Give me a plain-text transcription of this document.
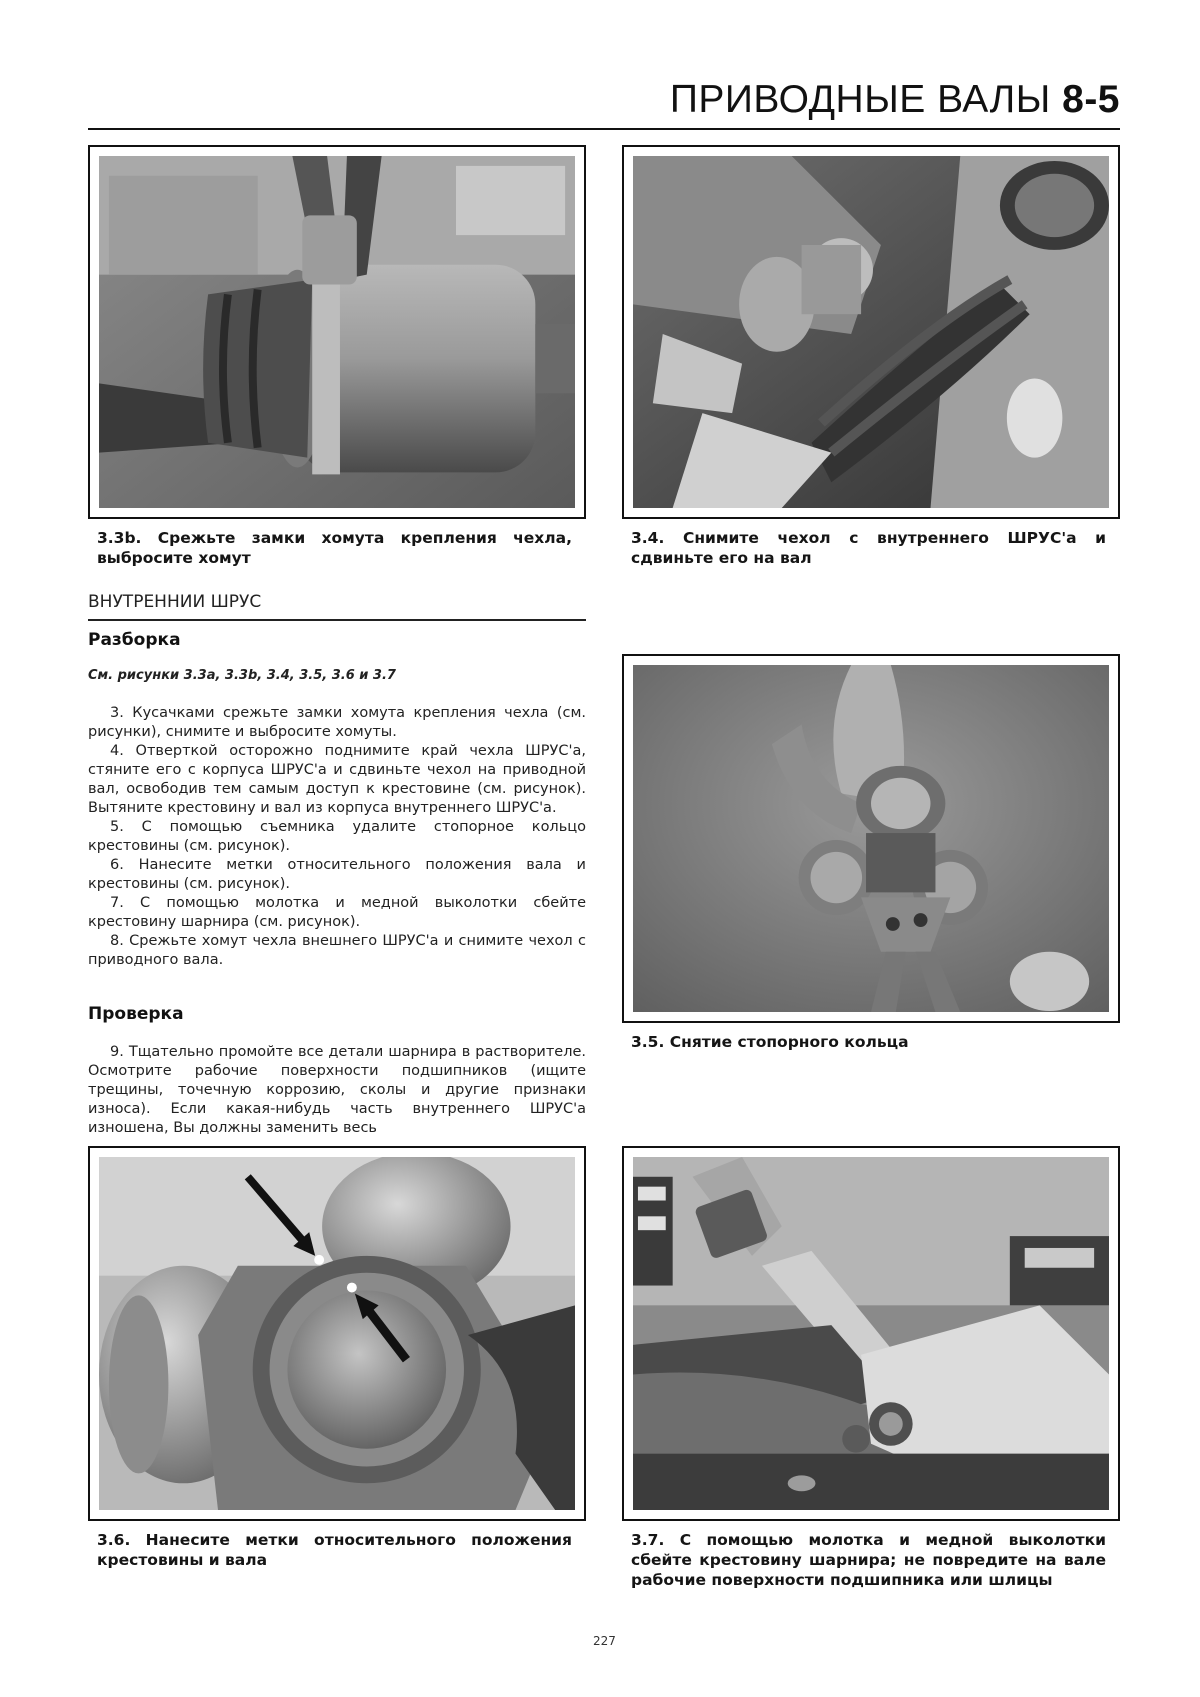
ПРИВОДНЫЕ ВАЛЫ 8-5
3.3b. Срежьте замки хомута крепления чехла, выбросите хомут
3.4. Снимите чехол с внутреннего ШРУС'а и сдвиньте его на вал
ВНУТРЕННИИ ШРУС
Разборка
См. рисунки 3.3a, 3.3b, 3.4, 3.5, 3.6 и 3.7

3. Кусачками срежьте замки хомута крепления чехла (см. рисунки), снимите и выбросите хомуты.

4. Отверткой осторожно поднимите край чехла ШРУС'а, стяните его с корпуса ШРУС'а и сдвиньте чехол на приводной вал, освободив тем самым доступ к крестовине (см. рисунок). Вытяните крестовину и вал из корпуса внутреннего ШРУС'а.

5. С помощью съемника удалите стопорное кольцо крестовины (см. рисунок).

6. Нанесите метки относительного положения вала и крестовины (см. рисунок).

7. С помощью молотка и медной выколотки сбейте крестовину шарнира (см. рисунок).

8. Срежьте хомут чехла внешнего ШРУС'а и снимите чехол с приводного вала.

Проверка

9. Тщательно промойте все детали шарнира в растворителе. Осмотрите рабочие поверхности подшипников (ищите трещины, точечную коррозию, сколы и другие признаки износа). Если какая-нибудь часть внутреннего ШРУС'а изношена, Вы должны заменить весь

3.5. Снятие стопорного кольца
3.6. Нанесите метки относительного положения крестовины и вала
3.7. С помощью молотка и медной выколотки сбейте крестовину шарнира; не повредите на вале рабочие поверхности подшипника или шлицы
227
